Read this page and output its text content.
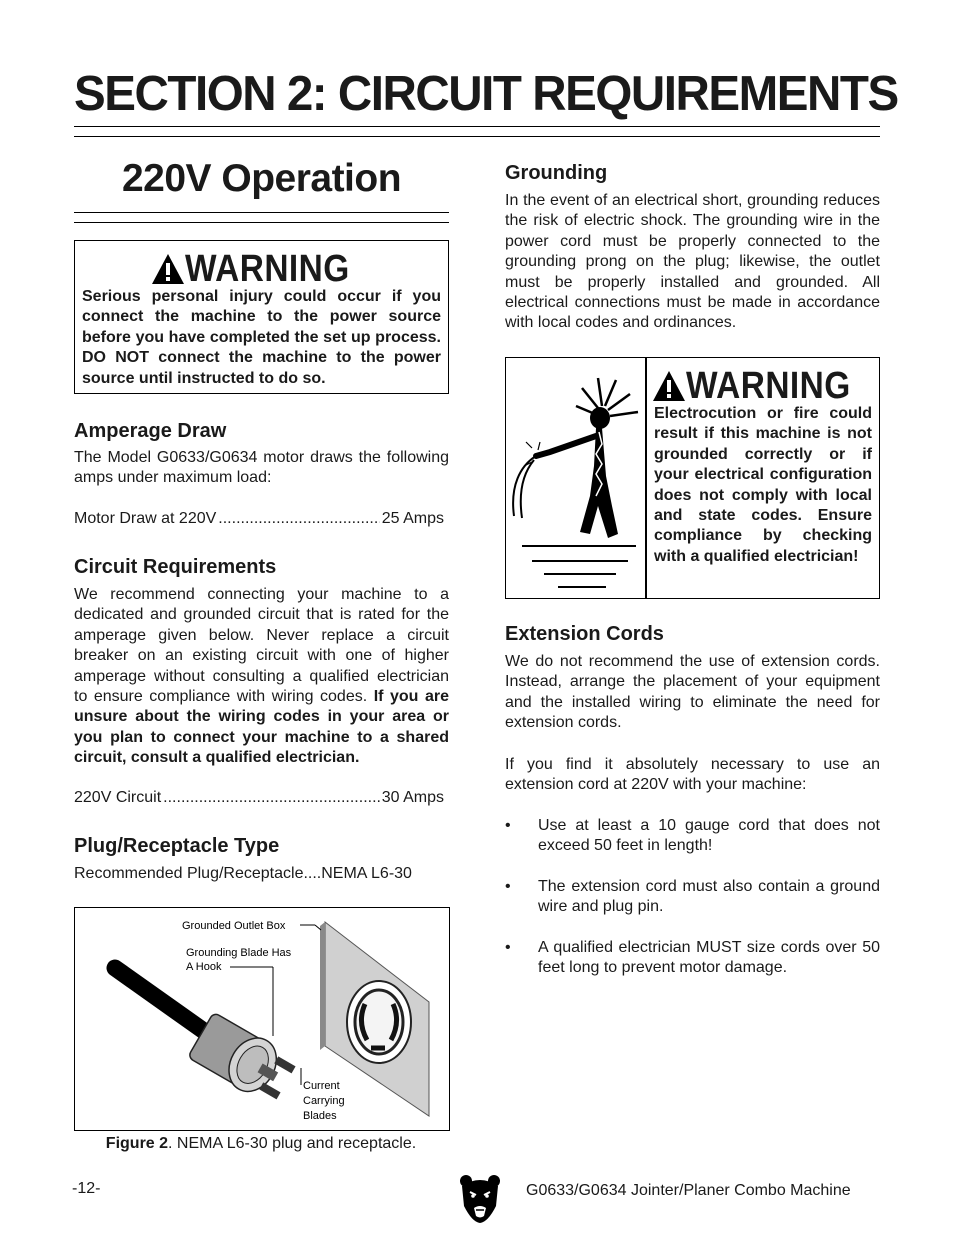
SECTION 2: CIRCUIT REQUIREMENTS
220V Operation
WARNING
Serious personal injury could occur if you connect the machine to the power source before you have completed the set up process. DO NOT connect the machine to the power source until instructed to do so.
Amperage Draw
The Model G0633/G0634 motor draws the following amps under maximum load:
Motor Draw at 220V .....	25 Amps
Circuit Requirements
We recommend connecting your machine to a dedicated and grounded circuit that is rated for the amperage given below. Never replace a circuit breaker on an existing circuit with one of higher amperage without consulting a qualified electrician to ensure compliance with wiring codes. If you are unsure about the wiring codes in your area or you plan to connect your machine to a shared circuit, consult a qualified electrician.
220V Circuit .....	30 Amps
Plug/Receptacle Type
Recommended Plug/Receptacle....NEMA L6-30
Grounded Outlet Box
Grounding Blade Has
A Hook
Current
Carrying
Blades
Figure 2. NEMA L6-30 plug and receptacle.
Grounding
In the event of an electrical short, grounding reduces the risk of electric shock. The grounding wire in the power cord must be properly connected to the grounding prong on the plug; likewise, the outlet must be properly installed and grounded. All electrical connections must be made in accordance with local codes and ordinances.
WARNING
Electrocution or fire could result if this machine is not grounded correctly or if your electrical configuration does not comply with local and state codes. Ensure compliance by checking with a qualified electrician!
Extension Cords
We do not recommend the use of extension cords. Instead, arrange the placement of your equipment and the installed wiring to eliminate the need for extension cords.
If you find it absolutely necessary to use an extension cord at 220V with your machine:
• Use at least a 10 gauge cord that does not exceed 50 feet in length!
• The extension cord must also contain a ground wire and plug pin.
• A qualified electrician MUST size cords over 50 feet long to prevent motor damage.
-12-	G0633/G0634 Jointer/Planer Combo Machine
